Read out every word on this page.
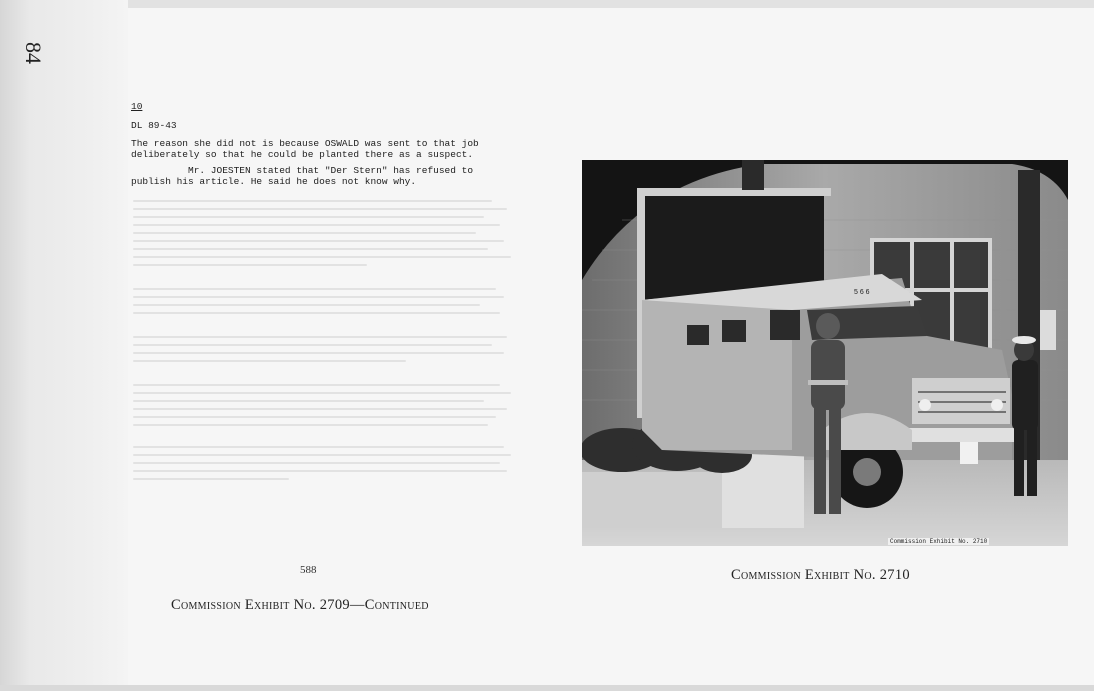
84
10
DL 89-43
The reason she did not is because OSWALD was sent to that job deliberately so that he could be planted there as a suspect.
Mr. JOESTEN stated that "Der Stern" has refused to publish his article. He said he does not know why.
588
Commission Exhibit No. 2709—Continued
5 6 6
Commission Exhibit No. 2710
Commission Exhibit No. 2710
